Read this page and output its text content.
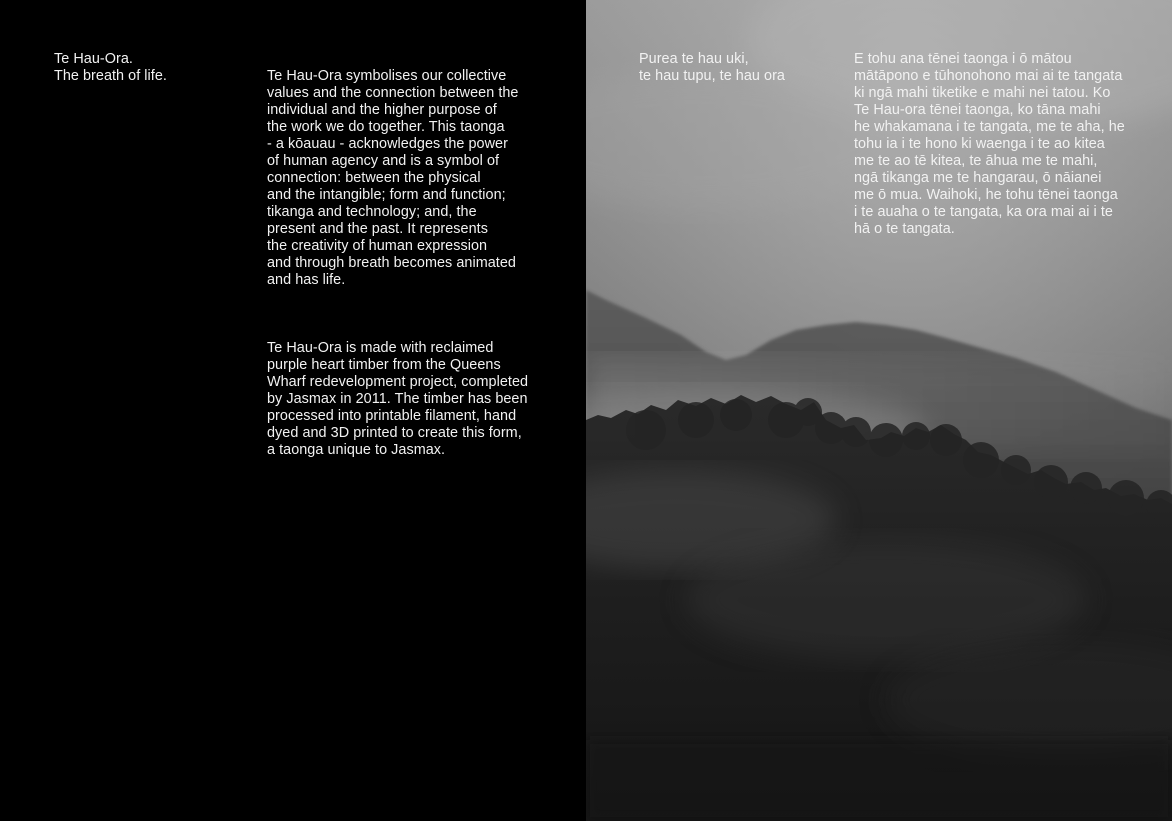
Te Hau-Ora.
The breath of life.	Te Hau-Ora symbolises our collective
values and the connection between the
individual and the higher purpose of
the work we do together. This taonga
- a kōauau - acknowledges the power
of human agency and is a symbol of
connection: between the physical
and the intangible; form and function;
tikanga and technology; and, the
present and the past. It represents
the creativity of human expression
and through breath becomes animated
and has life.

Te Hau-Ora is made with reclaimed
purple heart timber from the Queens
Wharf redevelopment project, completed
by Jasmax in 2011. The timber has been
processed into printable filament, hand
dyed and 3D printed to create this form,
a taonga unique to Jasmax.

Purea te hau uki,
te hau tupu, te hau ora
E tohu ana tēnei taonga i ō mātou
mātāpono e tūhonohono mai ai te tangata
ki ngā mahi tiketike e mahi nei tatou. Ko
Te Hau-ora tēnei taonga, ko tāna mahi
he whakamana i te tangata, me te aha, he
tohu ia i te hono ki waenga i te ao kitea
me te ao tē kitea, te āhua me te mahi,
ngā tikanga me te hangarau, ō nāianei
me ō mua. Waihoki, he tohu tēnei taonga
i te auaha o te tangata, ka ora mai ai i te
hā o te tangata.
